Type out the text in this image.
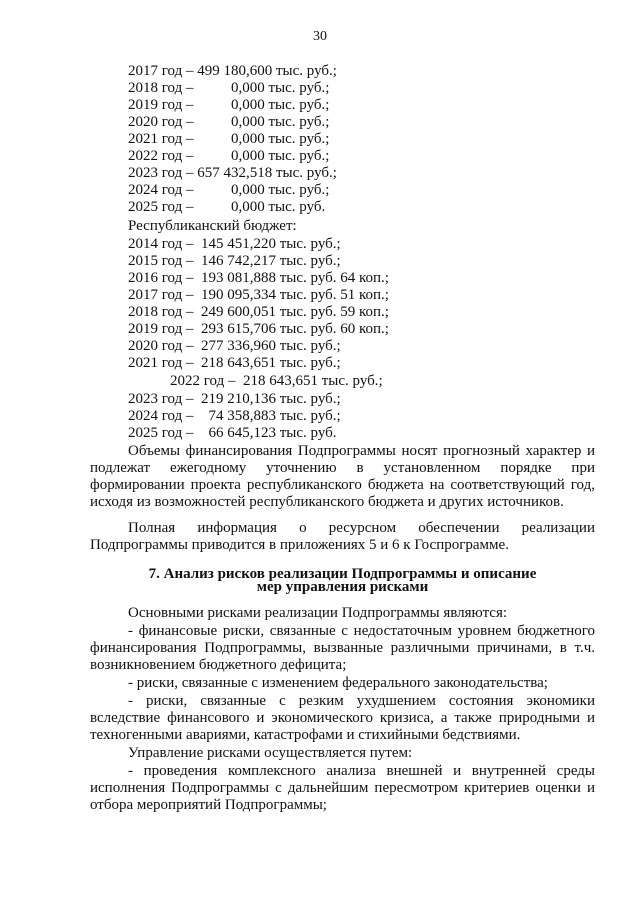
30
2017 год – 499 180,600 тыс. руб.;
2018 год –          0,000 тыс. руб.;
2019 год –          0,000 тыс. руб.;
2020 год –          0,000 тыс. руб.;
2021 год –          0,000 тыс. руб.;
2022 год –          0,000 тыс. руб.;
2023 год – 657 432,518 тыс. руб.;
2024 год –          0,000 тыс. руб.;
2025 год –          0,000 тыс. руб.
Республиканский бюджет:
2014 год –  145 451,220 тыс. руб.;
2015 год –  146 742,217 тыс. руб.;
2016 год –  193 081,888 тыс. руб. 64 коп.;
2017 год –  190 095,334 тыс. руб. 51 коп.;
2018 год –  249 600,051 тыс. руб. 59 коп.;
2019 год –  293 615,706 тыс. руб. 60 коп.;
2020 год –  277 336,960 тыс. руб.;
2021 год –  218 643,651 тыс. руб.;
2022 год –  218 643,651 тыс. руб.;
2023 год –  219 210,136 тыс. руб.;
2024 год –    74 358,883 тыс. руб.;
2025 год –    66 645,123 тыс. руб.
Объемы финансирования Подпрограммы носят прогнозный характер и
подлежат ежегодному уточнению в установленном порядке при
формировании проекта республиканского бюджета на соответствующий год,
исходя из возможностей республиканского бюджета и других источников.
Полная информация о ресурсном обеспечении реализации
Подпрограммы приводится в приложениях 5 и 6 к Госпрограмме.
7. Анализ рисков реализации Подпрограммы и описание
мер управления рисками
Основными рисками реализации Подпрограммы являются:
- финансовые риски, связанные с недостаточным уровнем бюджетного
финансирования Подпрограммы, вызванные различными причинами, в т.ч.
возникновением бюджетного дефицита;
- риски, связанные с изменением федерального законодательства;
- риски, связанные с резким ухудшением состояния экономики
вследствие финансового и экономического кризиса, а также природными и
техногенными авариями, катастрофами и стихийными бедствиями.
Управление рисками осуществляется путем:
- проведения комплексного анализа внешней и внутренней среды
исполнения Подпрограммы с дальнейшим пересмотром критериев оценки и
отбора мероприятий Подпрограммы;
